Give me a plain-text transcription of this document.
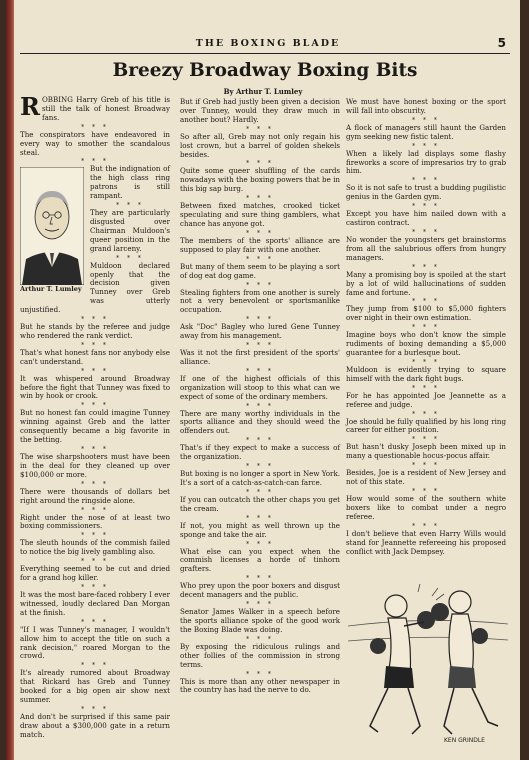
THE BOXING BLADE	5
Breezy Broadway Boxing Bits
By Arthur T. Lumley

ROBBING Harry Greb of his title is still the talk of honest Broadway fans.

* * *

The conspirators have endeavored in every way to smother the scandalous steal.

* * *
Arthur T. Lumley

But the indignation of the high class ring patrons is still rampant.

* * *

They are particularly disgusted over Chairman Muldoon's queer position in the grand larceny.

* * *

Muldoon declared openly that the decision given Tunney over Greb was utterly unjustified.

* * *

But he stands by the referee and judge who rendered the rank verdict.

* * *

That's what honest fans nor anybody else can't understand.

* * *

It was whispered around Broadway before the fight that Tunney was fixed to win by hook or crook.

* * *

But no honest fan could imagine Tunney winning against Greb and the latter consequently became a big favorite in the betting.

* * *

The wise sharpshooters must have been in the deal for they cleaned up over $100,000 or more.

* * *

There were thousands of dollars bet right around the ringside alone.

* * *

Right under the nose of at least two boxing commissioners.

* * *

The sleuth hounds of the commish failed to notice the big lively gambling also.

* * *

Everything seemed to be cut and dried for a grand hog killer.

* * *

It was the most bare-faced robbery I ever witnessed, loudly declared Dan Morgan at the finish.

* * *

"If I was Tunney's manager, I wouldn't allow him to accept the title on such a rank decision," roared Morgan to the crowd.

* * *

It's already rumored about Broadway that Rickard has Greb and Tunney booked for a big open air show next summer.

* * *

And don't be surprised if this same pair draw about a $300,000 gate in a return match.

But if Greb had justly been given a decision over Tunney, would they draw much in another bout? Hardly.

* * *

So after all, Greb may not only regain his lost crown, but a barrel of golden shekels besides.

* * *

Quite some queer shuffling of the cards nowadays with the boxing powers that be in this big sap burg.

* * *

Between fixed matches, crooked ticket speculating and sure thing gamblers, what chance has anyone got.

* * *

The members of the sports' alliance are supposed to play fair with one another.

* * *

But many of them seem to be playing a sort of dog eat dog game.

* * *

Stealing fighters from one another is surely not a very benevolent or sportsmanlike occupation.

* * *

Ask "Doc" Bagley who lured Gene Tunney away from his management.

* * *

Was it not the first president of the sports' alliance.

* * *

If one of the highest officials of this organization will stoop to this what can we expect of some of the ordinary members.

* * *

There are many worthy individuals in the sports alliance and they should weed the offenders out.

* * *

That's if they expect to make a success of the organization.

* * *

But boxing is no longer a sport in New York. It's a sort of a catch-as-catch-can farce.

* * *

If you can outcatch the other chaps you get the cream.

* * *

If not, you might as well thrown up the sponge and take the air.

* * *

What else can you expect when the commish licenses a horde of tinhorn grafters.

* * *

Who prey upon the poor boxers and disgust decent managers and the public.

* * *

Senator James Walker in a speech before the sports alliance spoke of the good work the Boxing Blade was doing.

* * *

By exposing the ridiculous rulings and other follies of the commission in strong terms.

* * *

This is more than any other newspaper in the country has had the nerve to do.

We must have honest boxing or the sport will fall into obscurity.

* * *

A flock of managers still haunt the Garden gym seeking new fistic talent.

* * *

When a likely lad displays some flashy fireworks a score of impresarios try to grab him.

* * *

So it is not safe to trust a budding pugilistic genius in the Garden gym.

* * *

Except you have him nailed down with a castiron contract.

* * *

No wonder the youngsters get brainstorms from all the salubrious offers from hungry managers.

* * *

Many a promising boy is spoiled at the start by a lot of wild hallucinations of sudden fame and fortune.

* * *

They jump from $100 to $5,000 fighters over night in their own estimation.

* * *

Imagine boys who don't know the simple rudiments of boxing demanding a $5,000 guarantee for a burlesque bout.

* * *

Muldoon is evidently trying to square himself with the dark fight bugs.

* * *

For he has appointed Joe Jeannette as a referee and judge.

* * *

Joe should be fully qualified by his long ring career for either position.

* * *

But hasn't dusky Joseph been mixed up in many a questionable hocus-pocus affair.

* * *

Besides, Joe is a resident of New Jersey and not of this state.

* * *

How would some of the southern white boxers like to combat under a negro referee.

* * *

I don't believe that even Harry Wills would stand for Jeannette refereeing his proposed conflict with Jack Dempsey.

KEN GRINDLE
